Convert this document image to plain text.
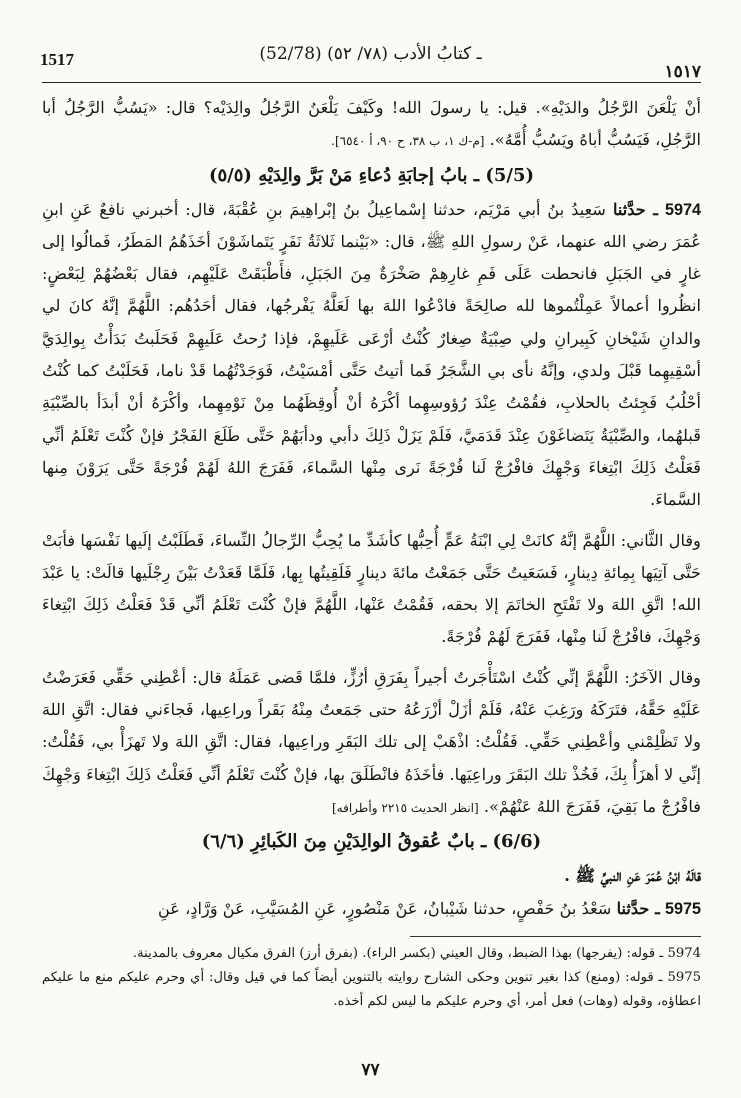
1517	(52/78) ـ كتابُ الأدب (٧٨/ ٥٢)
١٥١٧

أنْ يَلْعَنَ الرَّجُلُ والدَيْهِ». قيل: يا رسولَ الله! وكَيْفَ يَلْعَنُ الرَّجُلُ والِدَيْه؟ قال: «يَسُبُّ الرَّجُلُ أبا الرَّجُلِ، فَيَسُبُّ أباهُ ويَسُبُّ أُمَّهُ». [م-ك ١، ب ٣٨، ح ٩٠، أ ٦٥٤٠].

(5/5) ـ بابُ إجابَةِ دُعاءِ مَنْ بَرَّ والِدَيْهِ (٥/٥)

5974 ـ حدَّثنا سَعِيدُ بنُ أبي مَرْيَم، حدثنا إسْماعِيلُ بنُ إبْراهِيمَ بنِ عُقْبَةَ، قال: أخبرني نافعٌ عَنِ ابنِ عُمَرَ رضي الله عنهما، عَنْ رسولِ اللهِ ﷺ، قال: «بَيْنما ثَلاثَةُ نَفَرٍ يَتَماشَوْنَ أخَذَهُمُ المَطَرُ، فَمالُوا إلى غارٍ في الجَبَلِ فانحطت عَلَى فَمِ غارِهِمْ صَخْرَةٌ مِنَ الجَبَلِ، فأَطْبَقَتْ عَلَيْهِم، فقال بَعْضُهُمْ لِبَعْضٍ: انظُروا أعمالاً عَمِلْتُموها لله صالِحَةً فادْعُوا اللهَ بها لَعَلَّهُ يَفْرجُها، فقال أحَدُهُم: اللَّهُمَّ إنَّهُ كانَ لي والدانِ شَيْخانِ كَبِيرانِ ولي صِبْيَةٌ صِغارٌ كُنْتُ أرْعَى عَلَيهِمْ، فإذا رُحتُ عَلَيهِمْ فَحَلَبتُ بَدَأْتُ بِوالِدَيَّ أسْقِيهِما قَبْلَ ولدي، وإنَّهُ نأى بي الشَّجَرُ فَما أتيتُ حَتَّى أمْسَيْتُ، فَوَجَدْتُهُما قَدْ ناما، فَحَلَبْتُ كما كُنْتُ أحْلُبُ فَجِئتُ بالحلابِ، فقُمْتُ عِنْدَ رُؤوسِهِما أكْرَهُ أنْ أُوقِظَهُما مِنْ نَوْمِهِما، وأكْرَهُ أنْ أبدَأ بالصِّبْيَةِ قَبلهُما، والصِّبْيَةُ يَتَضاغَوْنَ عِنْدَ قَدَمَيَّ، فَلَمْ يَزَلْ ذَلِكَ دأبي ودأبَهُمْ حَتَّى طَلَعَ الفَجْرُ فإنْ كُنْتَ تَعْلَمُ أنِّي فَعَلْتُ ذَلِكَ ابْتِغاءَ وَجْهِكَ فافْرُجْ لَنا فُرْجَةً نَرى مِنْها السَّماءَ، فَفَرَجَ اللهُ لَهُمْ فُرْجَةً حَتَّى يَرَوْنَ مِنها السَّماءَ.

وقال الثَّاني: اللَّهُمَّ إنَّهُ كانَتْ لِي ابْنَةُ عَمٍّ أُحِبُّها كأشَدِّ ما يُحِبُّ الرِّجالُ النِّساءَ، فَطَلَبْتُ إلَيها نَفْسَها فأبَتْ حَتَّى آتِيَها بِمِائةِ دِينارٍ، فَسَعَيتُ حَتَّى جَمَعْتُ مائةَ دينارٍ فَلَقِيتُها بِها، فَلَمَّا قَعَدْتُ بَيْنَ رِجْلَيها قالَتْ: يا عَبْدَ الله! اتَّقِ اللهَ ولا تَفْتَحِ الخاتَمَ إلا بحقه، فَقُمْتُ عَنْها، اللَّهُمَّ فإنْ كُنْتَ تَعْلَمُ أنِّي قَدْ فَعَلْتُ ذَلِكَ ابْتِغاءَ وَجْهِكَ، فافْرُجْ لَنا مِنْها، فَفَرَجَ لَهُمْ فُرْجَةً.

وقال الآخَرُ: اللَّهُمَّ إنِّي كُنْتُ اسْتَأْجَرتُ أجيراً بِفَرَقِ أرُزٍّ، فلمَّا قَضى عَمَلَهُ قال: أعْطِني حَقِّي فَعَرَضْتُ عَلَيْهِ حَقَّهُ، فتَرَكَهُ ورَغِبَ عَنْهُ، فَلَمْ أزَلْ أزْرَعُهُ حتى جَمَعتُ مِنْهُ بَقَراً وراعِيها، فَجاءَني فقال: اتَّقِ اللهَ ولا تَظْلِمْني وأعْطِني حَقِّي. فَقُلْتُ: اذْهَبْ إلى تلك البَقَرِ وراعِيها، فقال: اتَّقِ اللهَ ولا تَهزَأْ بي، فَقُلْتُ: إنِّي لا أهزَأُ بِكَ، فَخُذْ تلك البَقَرَ وراعِيَها. فأخَذَهُ فانْطَلَقَ بها، فإنْ كُنْتَ تَعْلَمُ أنِّي فَعَلْتُ ذَلِكَ ابْتِغاءَ وَجْهِكَ فافْرُجْ ما بَقِيَ، فَفَرَجَ اللهُ عَنْهُمْ». [انظر الحديث ٢٢١٥ وأطرافه]

(6/6) ـ بابٌ عُقوقُ الوالِدَيْنِ مِنَ الكَبائِرِ (٦/٦)

قالَهُ ابْنُ عُمَرَ عَنِ النبيِّ ﷺ .

5975 ـ حدَّثنا سَعْدُ بنُ حَفْصٍ، حدثنا شَيْبانُ، عَنْ مَنْصُورٍ، عَنِ المُسَيَّبِ، عَنْ وَرَّادٍ، عَنِ

5974 ـ قوله: (يفرجها) بهذا الضبط، وقال العيني (بكسر الراء). (بفرق أرز) الفرق مكيال معروف بالمدينة.

5975 ـ قوله: (ومنع) كذا بغير تنوين وحكى الشارح روايته بالتنوين أيضاً كما في قيل وقال: أي وحرم عليكم منع ما عليكم اعطاؤه، وقوله (وهات) فعل أمر، أي وحرم عليكم ما ليس لكم أخذه.

٧٧
